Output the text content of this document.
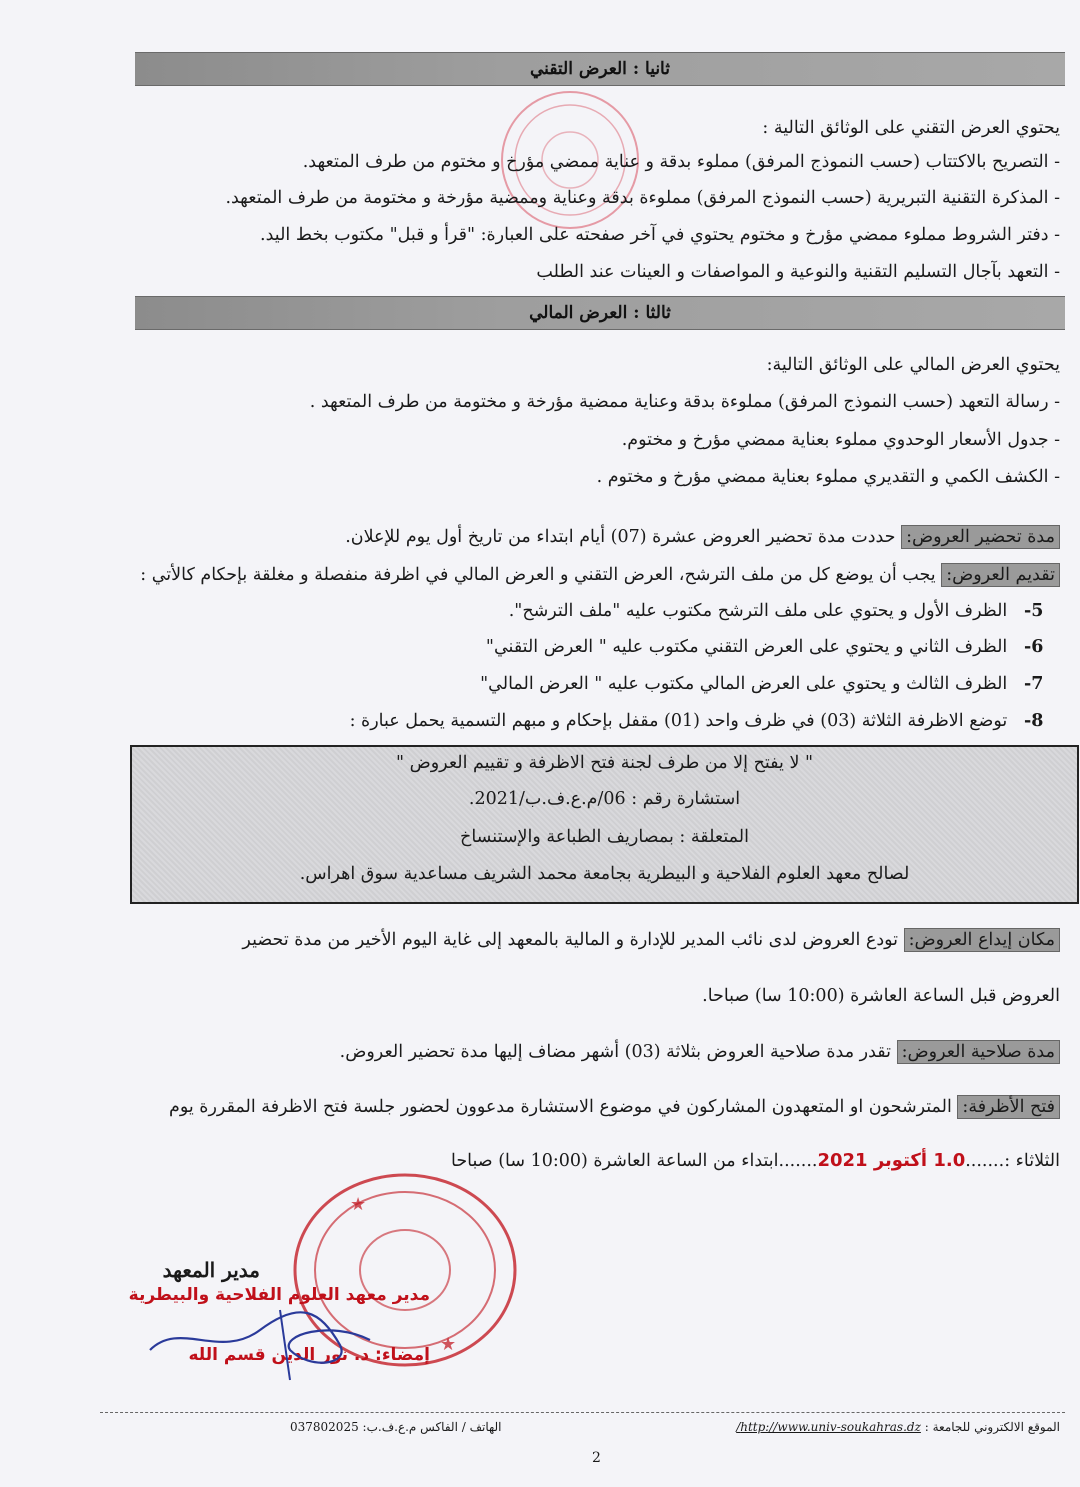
ثانيا : العرض التقني
يحتوي العرض التقني على الوثائق التالية :
- التصريح بالاكتتاب (حسب النموذج المرفق) مملوء بدقة و عناية ممضي مؤرخ و مختوم من طرف المتعهد.
- المذكرة التقنية التبريرية (حسب النموذج المرفق) مملوءة بدقة وعناية وممضية مؤرخة و مختومة من طرف المتعهد.
- دفتر الشروط مملوء ممضي مؤرخ و مختوم يحتوي في آخر صفحته على العبارة: "قرأ و قبل" مكتوب بخط اليد.
- التعهد بآجال التسليم التقنية والنوعية و المواصفات و العينات عند الطلب
ثالثا : العرض المالي
يحتوي العرض المالي على الوثائق التالية:
- رسالة التعهد (حسب النموذج المرفق) مملوءة بدقة وعناية ممضية مؤرخة و مختومة من طرف المتعهد .
- جدول الأسعار الوحدوي مملوء بعناية ممضي مؤرخ و مختوم.
- الكشف الكمي و التقديري مملوء بعناية ممضي مؤرخ و مختوم .
مدة تحضير العروض: حددت مدة تحضير العروض عشرة (07) أيام ابتداء من تاريخ أول يوم للإعلان.
تقديم العروض: يجب أن يوضع كل من ملف الترشح، العرض التقني و العرض المالي في اظرفة منفصلة و مغلقة بإحكام كالأتي :
5-   الظرف الأول و يحتوي على ملف الترشح مكتوب عليه "ملف الترشح".
6-   الظرف الثاني و يحتوي على العرض التقني مكتوب عليه " العرض التقني"
7-   الظرف الثالث و يحتوي على العرض المالي مكتوب عليه " العرض المالي"
8-   توضع الاظرفة الثلاثة (03) في ظرف واحد (01) مقفل بإحكام و مبهم التسمية يحمل عبارة :
" لا يفتح إلا من طرف لجنة فتح الاظرفة و تقييم العروض "
استشارة رقم : 06/م.ع.ف.ب/2021.
المتعلقة : بمصاريف الطباعة والإستنساخ
لصالح معهد العلوم الفلاحية و البيطرية بجامعة محمد الشريف مساعدية سوق اهراس.
مكان إيداع العروض: تودع العروض لدى نائب المدير للإدارة و المالية بالمعهد إلى غاية اليوم الأخير من مدة تحضير
العروض قبل الساعة العاشرة (10:00 سا) صباحا.
مدة صلاحية العروض: تقدر مدة صلاحية العروض بثلاثة (03) أشهر مضاف إليها مدة تحضير العروض.
فتح الأظرفة: المترشحون او المتعهدون المشاركون في موضوع الاستشارة مدعوون لحضور جلسة فتح الاظرفة المقررة يوم
الثلاثاء :.......1.0 أكتوبر 2021.......ابتداء من الساعة العاشرة (10:00 سا) صباحا
★
★
مدير المعهد
مدير معهد العلوم الفلاحية والبيطرية
إمضاء: د. نور الدين قسم الله
الموقع الالكتروني للجامعة : http://www.univ-soukahras.dz/
الهاتف / الفاكس م.ع.ف.ب: 037802025
2
